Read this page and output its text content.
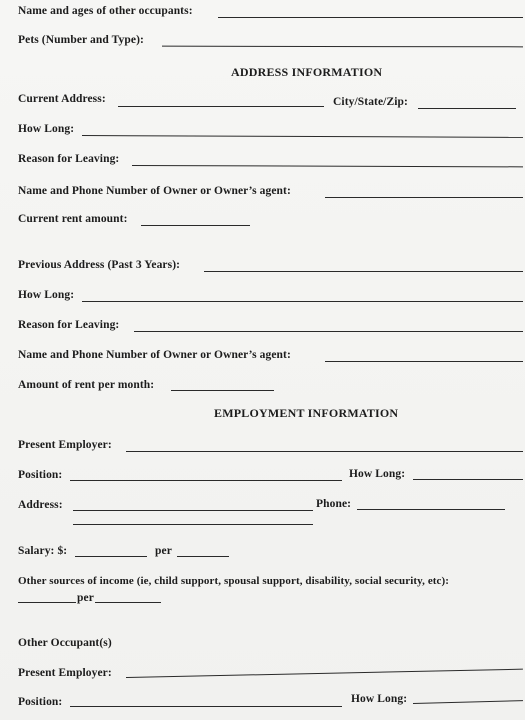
Name and ages of other occupants:
Pets (Number and Type):
ADDRESS INFORMATION
Current Address:	City/State/Zip:
How Long:
Reason for Leaving:
Name and Phone Number of Owner or Owner’s agent:
Current rent amount:
Previous Address (Past 3 Years):
How Long:
Reason for Leaving:
Name and Phone Number of Owner or Owner’s agent:
Amount of rent per month:
EMPLOYMENT INFORMATION
Present Employer:
Position:	How Long:
Address:	Phone:
Salary: $:	per
Other sources of income (ie, child support, spousal support, disability, social security, etc):
per
Other Occupant(s)
Present Employer:
Position:	How Long:
